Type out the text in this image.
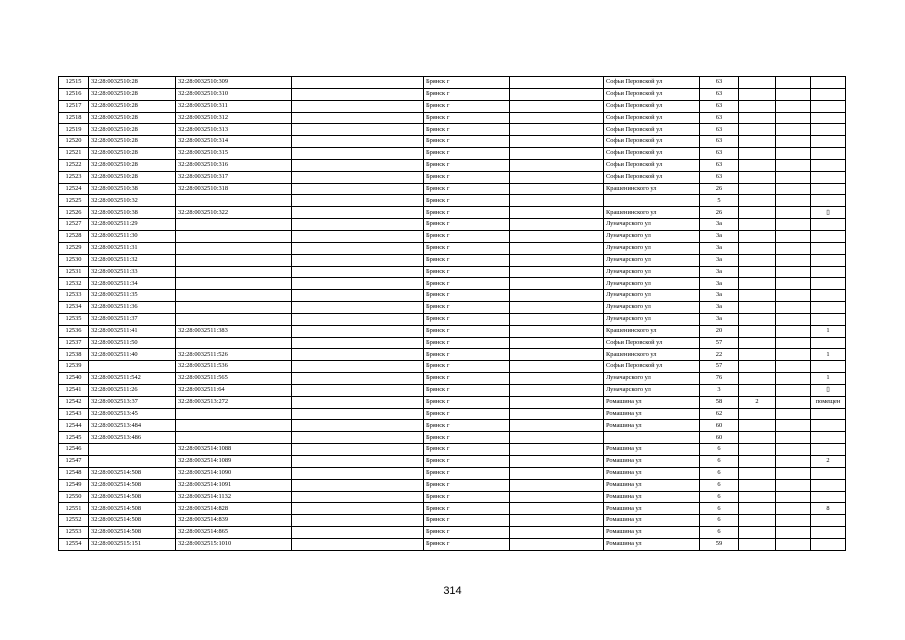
12515	32:28:0032510:28	32:28:0032510:309		Брянск г		Софьи Перовской ул	63			
12516	32:28:0032510:28	32:28:0032510:310		Брянск г		Софьи Перовской ул	63			
12517	32:28:0032510:28	32:28:0032510:311		Брянск г		Софьи Перовской ул	63			
12518	32:28:0032510:28	32:28:0032510:312		Брянск г		Софьи Перовской ул	63			
12519	32:28:0032510:28	32:28:0032510:313		Брянск г		Софьи Перовской ул	63			
12520	32:28:0032510:28	32:28:0032510:314		Брянск г		Софьи Перовской ул	63			
12521	32:28:0032510:28	32:28:0032510:315		Брянск г		Софьи Перовской ул	63			
12522	32:28:0032510:28	32:28:0032510:316		Брянск г		Софьи Перовской ул	63			
12523	32:28:0032510:28	32:28:0032510:317		Брянск г		Софьи Перовской ул	63			
12524	32:28:0032510:38	32:28:0032510:318		Брянск г		Крашенинского ул	26			
12525	32:28:0032510:32			Брянск г			5			
12526	32:28:0032510:38	32:28:0032510:322		Брянск г		Крашенинского ул	26			▯
12527	32:28:0032511:29			Брянск г		Луначарского ул	3а			
12528	32:28:0032511:30			Брянск г		Луначарского ул	3а			
12529	32:28:0032511:31			Брянск г		Луначарского ул	3а			
12530	32:28:0032511:32			Брянск г		Луначарского ул	3а			
12531	32:28:0032511:33			Брянск г		Луначарского ул	3а			
12532	32:28:0032511:34			Брянск г		Луначарского ул	3а			
12533	32:28:0032511:35			Брянск г		Луначарского ул	3а			
12534	32:28:0032511:36			Брянск г		Луначарского ул	3а			
12535	32:28:0032511:37			Брянск г		Луначарского ул	3а			
12536	32:28:0032511:41	32:28:0032511:383		Брянск г		Крашенинского ул	20			1
12537	32:28:0032511:50			Брянск г		Софьи Перовской ул	57			
12538	32:28:0032511:40	32:28:0032511:526		Брянск г		Крашенинского ул	22			1
12539		32:28:0032511:536		Брянск г		Софьи Перовской ул	57			
12540	32:28:0032511:542	32:28:0032511:565		Брянск г		Луначарского ул	76			1
12541	32:28:0032511:26	32:28:0032511:64		Брянск г		Луначарского ул	3			▯
12542	32:28:0032513:37	32:28:0032513:272		Брянск г		Ромашина ул	58	2		помещен
12543	32:28:0032513:45			Брянск г		Ромашина ул	62			
12544	32:28:0032513:484			Брянск г		Ромашина ул	60			
12545	32:28:0032513:486			Брянск г			60			
12546		32:28:0032514:1088		Брянск г		Ромашина ул	6			
12547		32:28:0032514:1089		Брянск г		Ромашина ул	6			2
12548	32:28:0032514:508	32:28:0032514:1090		Брянск г		Ромашина ул	6			
12549	32:28:0032514:508	32:28:0032514:1091		Брянск г		Ромашина ул	6			
12550	32:28:0032514:508	32:28:0032514:1132		Брянск г		Ромашина ул	6			
12551	32:28:0032514:508	32:28:0032514:828		Брянск г		Ромашина ул	6			8
12552	32:28:0032514:508	32:28:0032514:839		Брянск г		Ромашина ул	6			
12553	32:28:0032514:508	32:28:0032514:865		Брянск г		Ромашина ул	6			
12554	32:28:0032515:151	32:28:0032515:1010		Брянск г		Ромашина ул	59			
314
